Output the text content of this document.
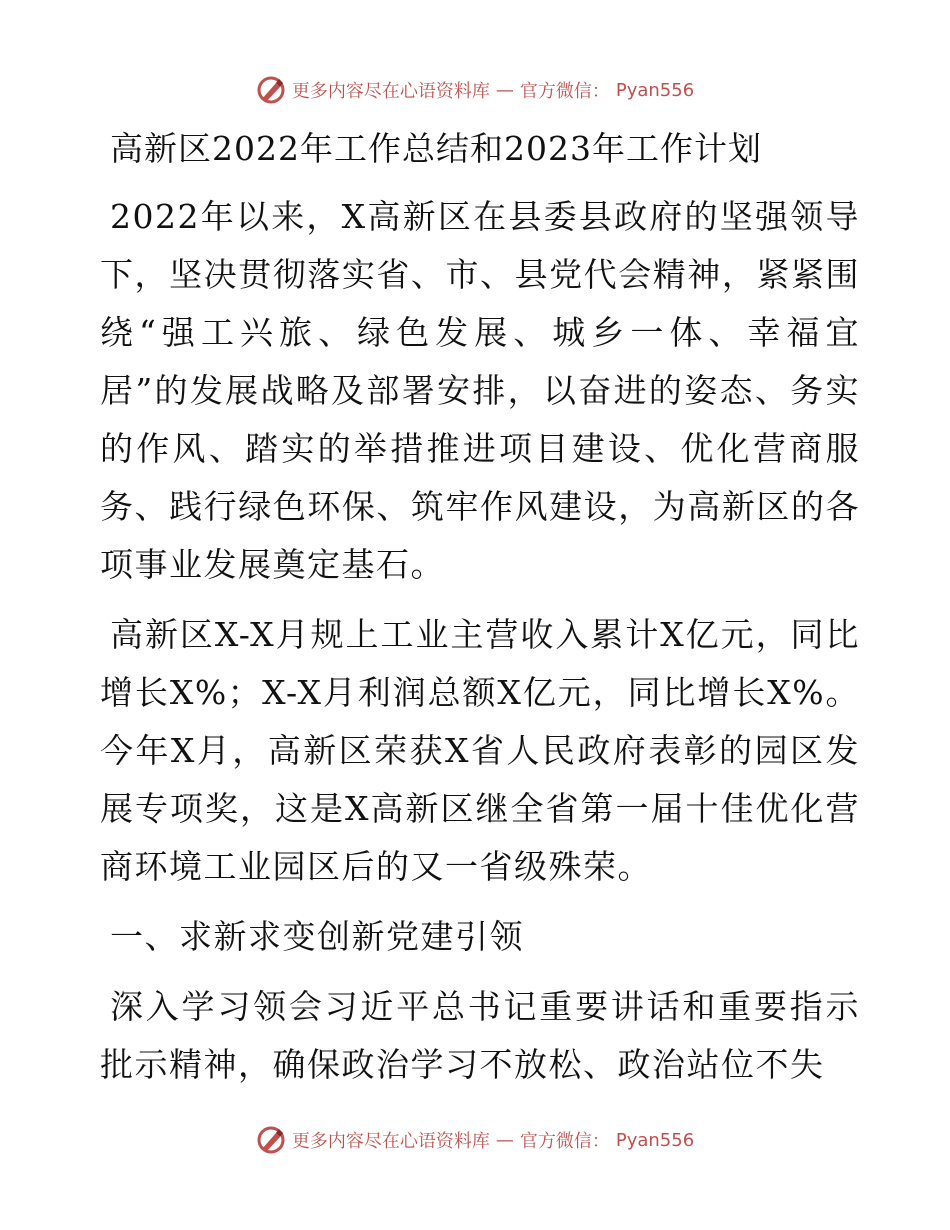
更多内容尽在心语资料库 — 官方微信： Pyan556
高新区2022年工作总结和2023年工作计划

2022年以来，X高新区在县委县政府的坚强领导下，坚决贯彻落实省、市、县党代会精神，紧紧围绕“强工兴旅、绿色发展、城乡一体、幸福宜居”的发展战略及部署安排，以奋进的姿态、务实的作风、踏实的举措推进项目建设、优化营商服务、践行绿色环保、筑牢作风建设，为高新区的各项事业发展奠定基石。

高新区X-X月规上工业主营收入累计X亿元，同比增长X%；X-X月利润总额X亿元，同比增长X%。今年X月，高新区荣获X省人民政府表彰的园区发展专项奖，这是X高新区继全省第一届十佳优化营商环境工业园区后的又一省级殊荣。

一、求新求变创新党建引领

深入学习领会习近平总书记重要讲话和重要指示批示精神，确保政治学习不放松、政治站位不失

更多内容尽在心语资料库 — 官方微信： Pyan556
